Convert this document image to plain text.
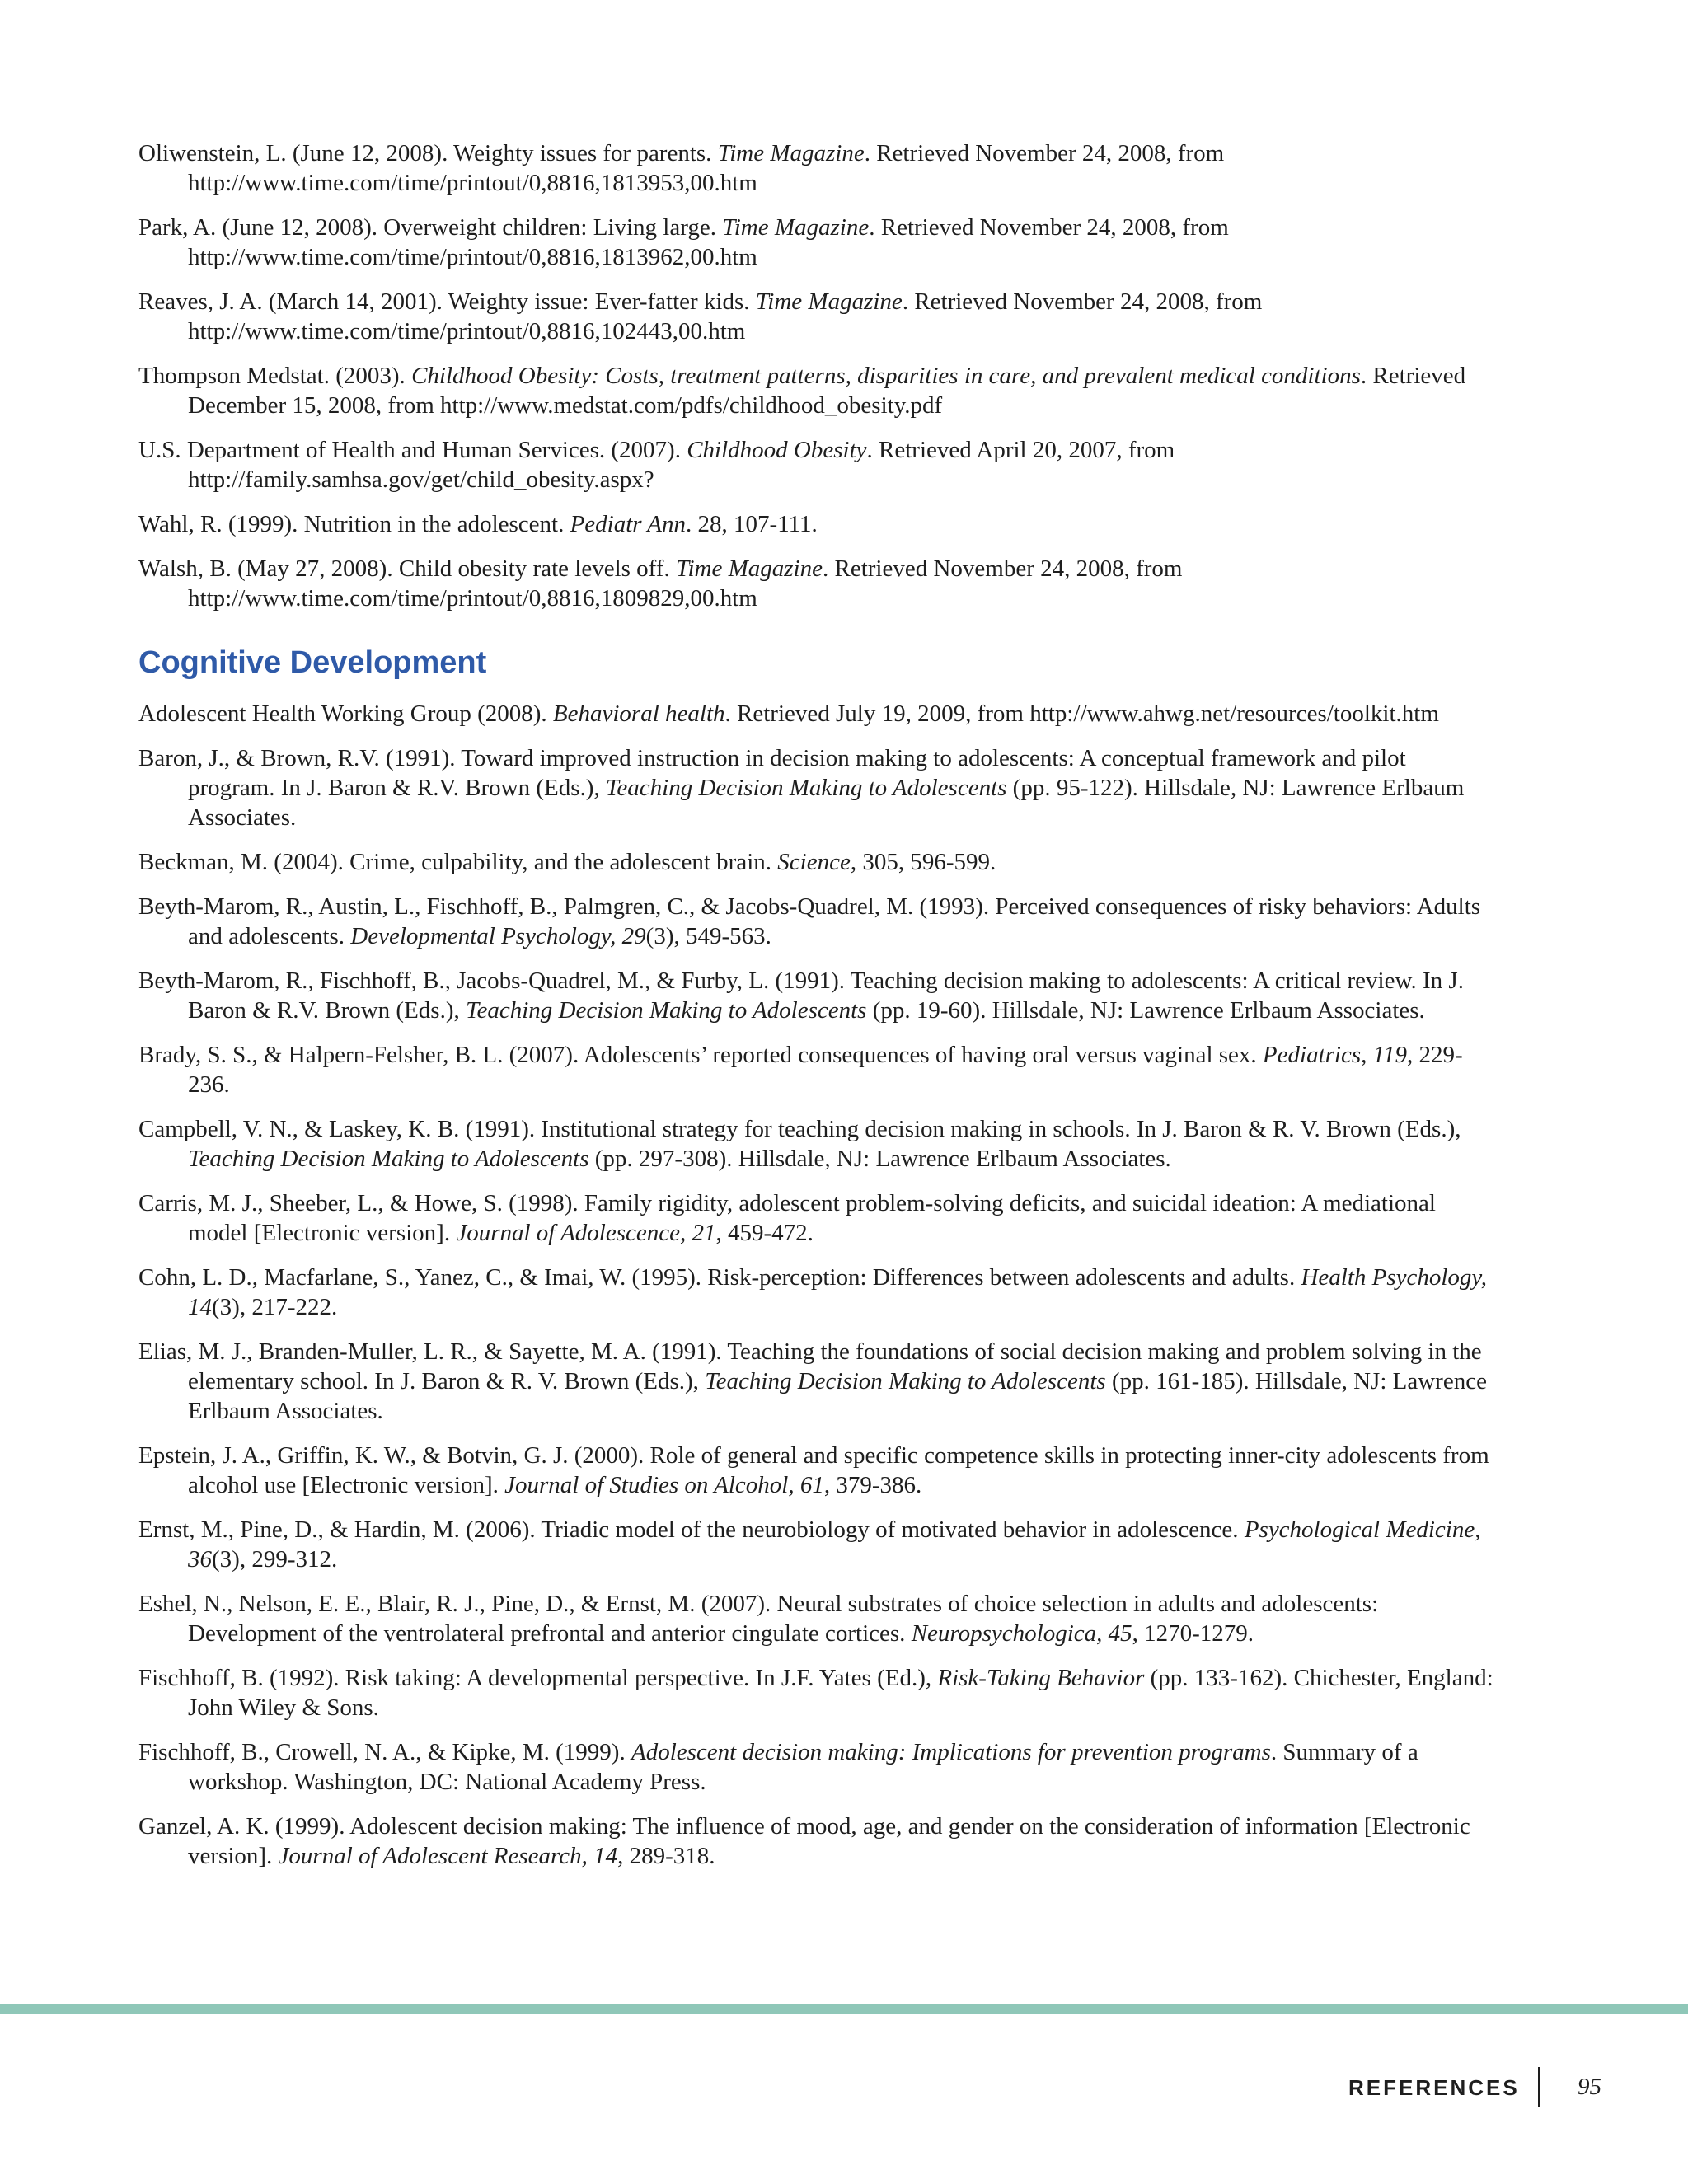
Oliwenstein, L. (June 12, 2008). Weighty issues for parents. Time Magazine. Retrieved November 24, 2008, from http://www.time.com/time/printout/0,8816,1813953,00.htm

Park, A. (June 12, 2008). Overweight children: Living large. Time Magazine. Retrieved November 24, 2008, from http://www.time.com/time/printout/0,8816,1813962,00.htm

Reaves, J. A. (March 14, 2001). Weighty issue: Ever-fatter kids. Time Magazine. Retrieved November 24, 2008, from http://www.time.com/time/printout/0,8816,102443,00.htm

Thompson Medstat. (2003). Childhood Obesity: Costs, treatment patterns, disparities in care, and prevalent medical conditions. Retrieved December 15, 2008, from http://www.medstat.com/pdfs/childhood_obesity.pdf

U.S. Department of Health and Human Services. (2007). Childhood Obesity. Retrieved April 20, 2007, from http://family.samhsa.gov/get/child_obesity.aspx?

Wahl, R. (1999). Nutrition in the adolescent. Pediatr Ann. 28, 107-111.

Walsh, B. (May 27, 2008). Child obesity rate levels off. Time Magazine. Retrieved November 24, 2008, from http://www.time.com/time/printout/0,8816,1809829,00.htm

Cognitive Development

Adolescent Health Working Group (2008). Behavioral health. Retrieved July 19, 2009, from http://www.ahwg.net/resources/toolkit.htm

Baron, J., & Brown, R.V. (1991). Toward improved instruction in decision making to adolescents: A conceptual framework and pilot program. In J. Baron & R.V. Brown (Eds.), Teaching Decision Making to Adolescents (pp. 95-122). Hillsdale, NJ: Lawrence Erlbaum Associates.

Beckman, M. (2004). Crime, culpability, and the adolescent brain. Science, 305, 596-599.

Beyth-Marom, R., Austin, L., Fischhoff, B., Palmgren, C., & Jacobs-Quadrel, M. (1993). Perceived consequences of risky behaviors: Adults and adolescents. Developmental Psychology, 29(3), 549-563.

Beyth-Marom, R., Fischhoff, B., Jacobs-Quadrel, M., & Furby, L. (1991). Teaching decision making to adolescents: A critical review. In J. Baron & R.V. Brown (Eds.), Teaching Decision Making to Adolescents (pp. 19-60). Hillsdale, NJ: Lawrence Erlbaum Associates.

Brady, S. S., & Halpern-Felsher, B. L. (2007). Adolescents’ reported consequences of having oral versus vaginal sex. Pediatrics, 119, 229-236.

Campbell, V. N., & Laskey, K. B. (1991). Institutional strategy for teaching decision making in schools. In J. Baron & R. V. Brown (Eds.), Teaching Decision Making to Adolescents (pp. 297-308). Hillsdale, NJ: Lawrence Erlbaum Associates.

Carris, M. J., Sheeber, L., & Howe, S. (1998). Family rigidity, adolescent problem-solving deficits, and suicidal ideation: A mediational model [Electronic version]. Journal of Adolescence, 21, 459-472.

Cohn, L. D., Macfarlane, S., Yanez, C., & Imai, W. (1995). Risk-perception: Differences between adolescents and adults. Health Psychology, 14(3), 217-222.

Elias, M. J., Branden-Muller, L. R., & Sayette, M. A. (1991). Teaching the foundations of social decision making and problem solving in the elementary school. In J. Baron & R. V. Brown (Eds.), Teaching Decision Making to Adolescents (pp. 161-185). Hillsdale, NJ: Lawrence Erlbaum Associates.

Epstein, J. A., Griffin, K. W., & Botvin, G. J. (2000). Role of general and specific competence skills in protecting inner-city adolescents from alcohol use [Electronic version]. Journal of Studies on Alcohol, 61, 379-386.

Ernst, M., Pine, D., & Hardin, M. (2006). Triadic model of the neurobiology of motivated behavior in adolescence. Psychological Medicine, 36(3), 299-312.

Eshel, N., Nelson, E. E., Blair, R. J., Pine, D., & Ernst, M. (2007). Neural substrates of choice selection in adults and adolescents: Development of the ventrolateral prefrontal and anterior cingulate cortices. Neuropsychologica, 45, 1270-1279.

Fischhoff, B. (1992). Risk taking: A developmental perspective. In J.F. Yates (Ed.), Risk-Taking Behavior (pp. 133-162). Chichester, England: John Wiley & Sons.

Fischhoff, B., Crowell, N. A., & Kipke, M. (1999). Adolescent decision making: Implications for prevention programs. Summary of a workshop. Washington, DC: National Academy Press.

Ganzel, A. K. (1999). Adolescent decision making: The influence of mood, age, and gender on the consideration of information [Electronic version]. Journal of Adolescent Research, 14, 289-318.

REFERENCES 95
